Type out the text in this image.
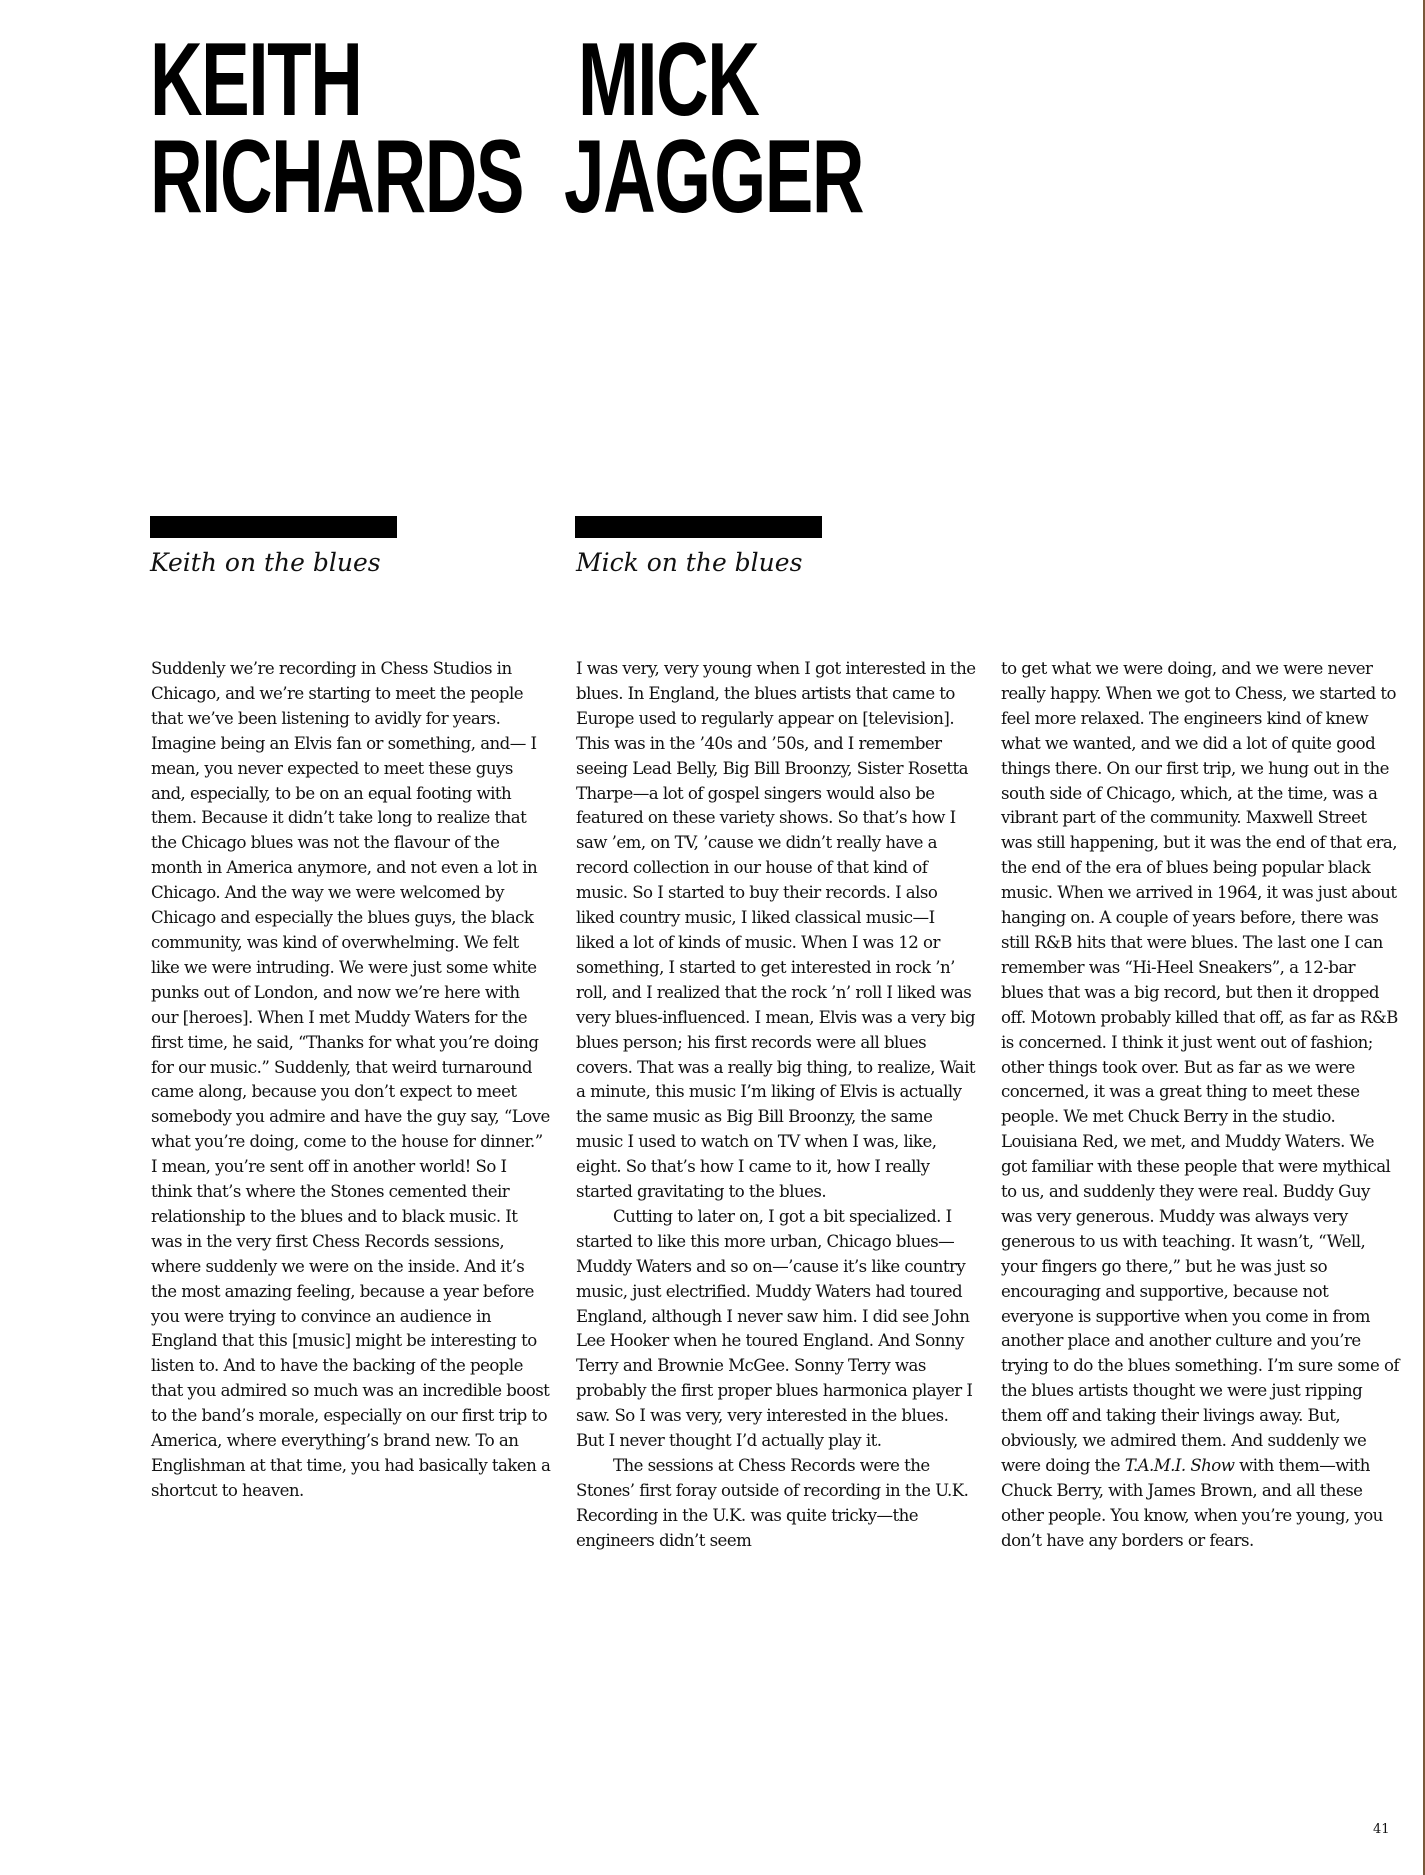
KEITH
RICHARDS
MICK
JAGGER
Keith on the blues	Mick on the blues

Suddenly we’re recording in Chess Studios in Chicago, and we’re starting to meet the people that we’ve been listening to avidly for years. Imagine being an Elvis fan or something, and— I mean, you never expected to meet these guys and, especially, to be on an equal footing with them. Because it didn’t take long to realize that the Chicago blues was not the flavour of the month in America anymore, and not even a lot in Chicago. And the way we were welcomed by Chicago and especially the blues guys, the black community, was kind of overwhelming. We felt like we were intruding. We were just some white punks out of London, and now we’re here with our [heroes]. When I met Muddy Waters for the first time, he said, “Thanks for what you’re doing for our music.” Suddenly, that weird turnaround came along, because you don’t expect to meet somebody you admire and have the guy say, “Love what you’re doing, come to the house for dinner.” I mean, you’re sent off in another world! So I think that’s where the Stones cemented their relationship to the blues and to black music. It was in the very first Chess Records sessions, where suddenly we were on the inside. And it’s the most amazing feeling, because a year before you were trying to convince an audience in England that this [music] might be interesting to listen to. And to have the backing of the people that you admired so much was an incredible boost to the band’s morale, especially on our first trip to America, where everything’s brand new. To an Englishman at that time, you had basically taken a shortcut to heaven.

I was very, very young when I got interested in the blues. In England, the blues artists that came to Europe used to regularly appear on [television]. This was in the ’40s and ’50s, and I remember seeing Lead Belly, Big Bill Broonzy, Sister Rosetta Tharpe—a lot of gospel singers would also be featured on these variety shows. So that’s how I saw ’em, on TV, ’cause we didn’t really have a record collection in our house of that kind of music. So I started to buy their records. I also liked country music, I liked classical music—I liked a lot of kinds of music. When I was 12 or something, I started to get interested in rock ’n’ roll, and I realized that the rock ’n’ roll I liked was very blues-influenced. I mean, Elvis was a very big blues person; his first records were all blues covers. That was a really big thing, to realize, Wait a minute, this music I’m liking of Elvis is actually the same music as Big Bill Broonzy, the same music I used to watch on TV when I was, like, eight. So that’s how I came to it, how I really started gravitating to the blues.

Cutting to later on, I got a bit specialized. I started to like this more urban, Chicago blues—Muddy Waters and so on—’cause it’s like country music, just electrified. Muddy Waters had toured England, although I never saw him. I did see John Lee Hooker when he toured England. And Sonny Terry and Brownie McGee. Sonny Terry was probably the first proper blues harmonica player I saw. So I was very, very interested in the blues. But I never thought I’d actually play it.

The sessions at Chess Records were the Stones’ first foray outside of recording in the U.K. Recording in the U.K. was quite tricky—the engineers didn’t seem

to get what we were doing, and we were never really happy. When we got to Chess, we started to feel more relaxed. The engineers kind of knew what we wanted, and we did a lot of quite good things there. On our first trip, we hung out in the south side of Chicago, which, at the time, was a vibrant part of the community. Maxwell Street was still happening, but it was the end of that era, the end of the era of blues being popular black music. When we arrived in 1964, it was just about hanging on. A couple of years before, there was still R&B hits that were blues. The last one I can remember was “Hi-Heel Sneakers”, a 12-bar blues that was a big record, but then it dropped off. Motown probably killed that off, as far as R&B is concerned. I think it just went out of fashion; other things took over. But as far as we were concerned, it was a great thing to meet these people. We met Chuck Berry in the studio. Louisiana Red, we met, and Muddy Waters. We got familiar with these people that were mythical to us, and suddenly they were real. Buddy Guy was very generous. Muddy was always very generous to us with teaching. It wasn’t, “Well, your fingers go there,” but he was just so encouraging and supportive, because not everyone is supportive when you come in from another place and another culture and you’re trying to do the blues something. I’m sure some of the blues artists thought we were just ripping them off and taking their livings away. But, obviously, we admired them. And suddenly we were doing the T.A.M.I. Show with them—with Chuck Berry, with James Brown, and all these other people. You know, when you’re young, you don’t have any borders or fears.

41
